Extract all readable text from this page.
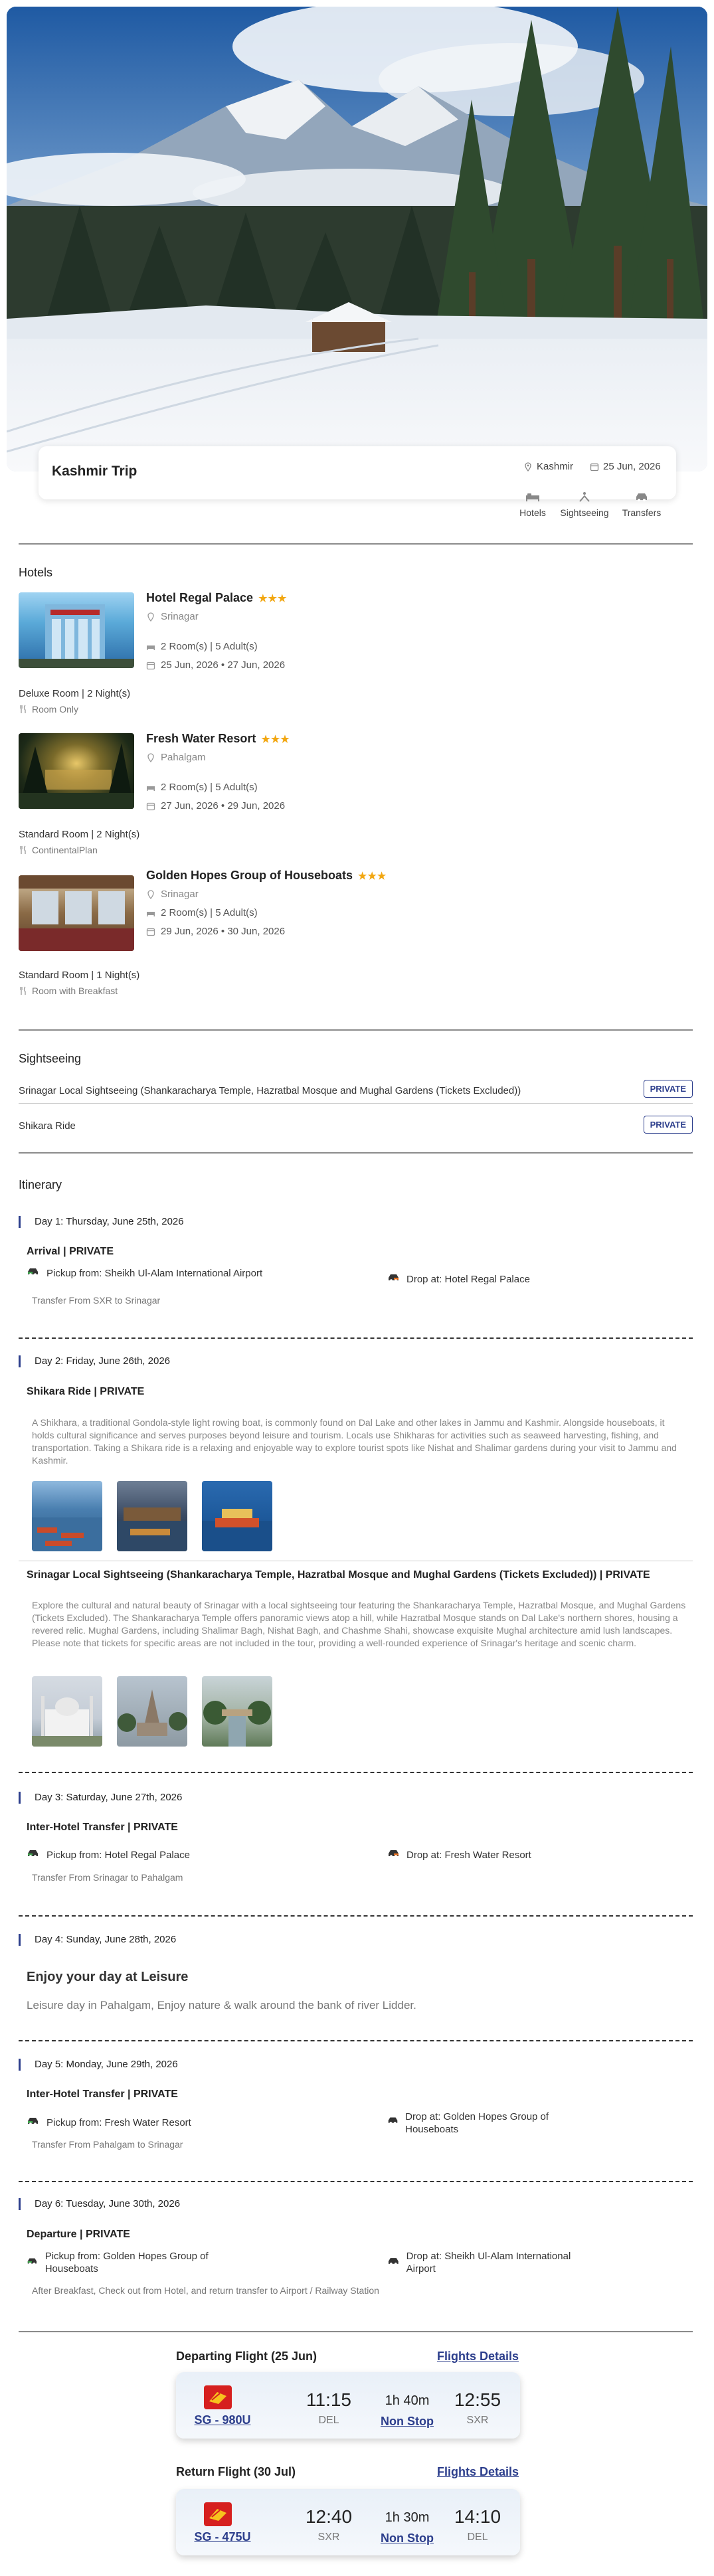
Kashmir Trip	Kashmir	25 Jun, 2026
Hotels	Sightseeing	Transfers
Hotels
Hotel Regal Palace ★★★
Srinagar
2 Room(s) | 5 Adult(s)
25 Jun, 2026 • 27 Jun, 2026
Deluxe Room | 2 Night(s)
Room Only
Fresh Water Resort ★★★
Pahalgam
2 Room(s) | 5 Adult(s)
27 Jun, 2026 • 29 Jun, 2026
Standard Room | 2 Night(s)
ContinentalPlan
Golden Hopes Group of Houseboats ★★★
Srinagar
2 Room(s) | 5 Adult(s)
29 Jun, 2026 • 30 Jun, 2026
Standard Room | 1 Night(s)
Room with Breakfast
Sightseeing
Srinagar Local Sightseeing (Shankaracharya Temple, Hazratbal Mosque and Mughal Gardens (Tickets Excluded))	PRIVATE
Shikara Ride	PRIVATE
Itinerary
Day 1: Thursday, June 25th, 2026
Arrival | PRIVATE
Pickup from: Sheikh Ul-Alam International Airport
Drop at: Hotel Regal Palace
Transfer From SXR to Srinagar
Day 2: Friday, June 26th, 2026
Shikara Ride | PRIVATE
A Shikhara, a traditional Gondola-style light rowing boat, is commonly found on Dal Lake and other lakes in Jammu and Kashmir. Alongside houseboats, it holds cultural significance and serves purposes beyond leisure and tourism. Locals use Shikharas for activities such as seaweed harvesting, fishing, and transportation. Taking a Shikara ride is a relaxing and enjoyable way to explore tourist spots like Nishat and Shalimar gardens during your visit to Jammu and Kashmir.
Srinagar Local Sightseeing (Shankaracharya Temple, Hazratbal Mosque and Mughal Gardens (Tickets Excluded)) | PRIVATE
Explore the cultural and natural beauty of Srinagar with a local sightseeing tour featuring the Shankaracharya Temple, Hazratbal Mosque, and Mughal Gardens (Tickets Excluded). The Shankaracharya Temple offers panoramic views atop a hill, while Hazratbal Mosque stands on Dal Lake's northern shores, housing a revered relic. Mughal Gardens, including Shalimar Bagh, Nishat Bagh, and Chashme Shahi, showcase exquisite Mughal architecture amid lush landscapes. Please note that tickets for specific areas are not included in the tour, providing a well-rounded experience of Srinagar's heritage and scenic charm.
Day 3: Saturday, June 27th, 2026
Inter-Hotel Transfer | PRIVATE
Pickup from: Hotel Regal Palace	Drop at: Fresh Water Resort
Transfer From Srinagar to Pahalgam
Day 4: Sunday, June 28th, 2026
Enjoy your day at Leisure
Leisure day in Pahalgam, Enjoy nature & walk around the bank of river Lidder.
Day 5: Monday, June 29th, 2026
Inter-Hotel Transfer | PRIVATE
Pickup from: Fresh Water Resort
Drop at: Golden Hopes Group of Houseboats
Transfer From Pahalgam to Srinagar
Day 6: Tuesday, June 30th, 2026
Departure | PRIVATE
Pickup from: Golden Hopes Group of Houseboats
Drop at: Sheikh Ul-Alam International Airport
After Breakfast, Check out from Hotel, and return transfer to Airport / Railway Station
Departing Flight (25 Jun)	Flights Details
SG - 980U
11:15
DEL
1h 40m
Non Stop
12:55
SXR
Return Flight (30 Jul)	Flights Details
SG - 475U
12:40
SXR
1h 30m
Non Stop
14:10
DEL
